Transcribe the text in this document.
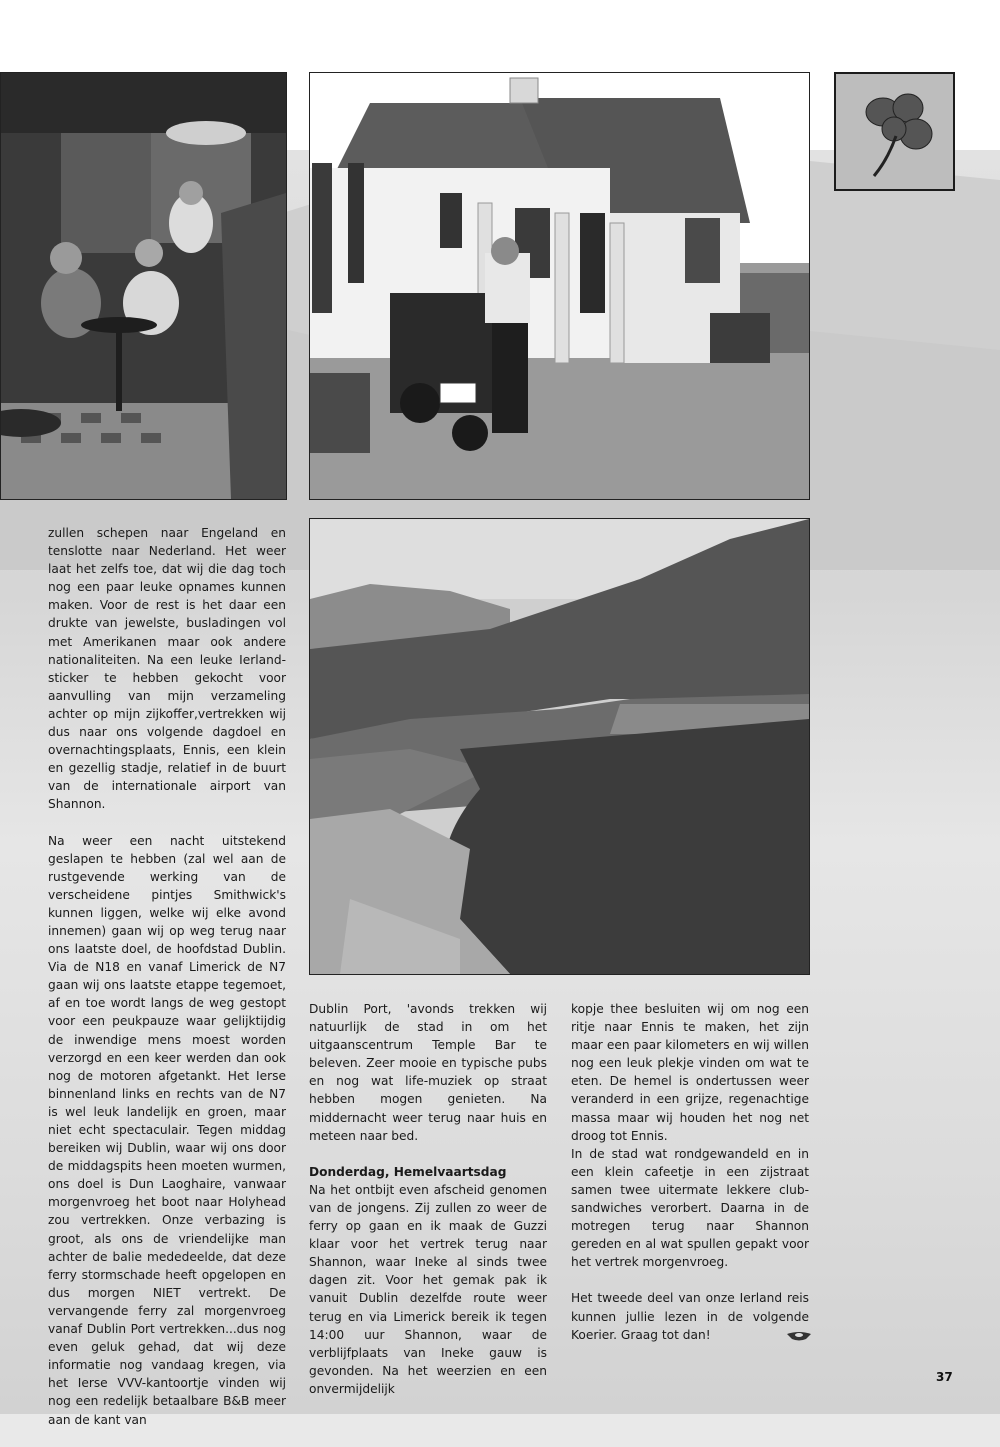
zullen schepen naar Engeland en tenslotte naar Nederland. Het weer laat het zelfs toe, dat wij die dag toch nog een paar leuke opnames kunnen maken. Voor de rest is het daar een drukte van jewelste, busladingen vol met Amerikanen maar ook andere nationaliteiten. Na een leuke Ierland-sticker te hebben gekocht voor aanvulling van mijn verzameling achter op mijn zijkoffer,vertrekken wij dus naar ons volgende dagdoel en overnachtingsplaats, Ennis, een klein en gezellig stadje, relatief in de buurt van de internationale airport van Shannon.

Na weer een nacht uitstekend geslapen te hebben (zal wel aan de rustgevende werking van de verscheidene pintjes Smithwick's kunnen liggen, welke wij elke avond innemen) gaan wij op weg terug naar ons laatste doel, de hoofdstad Dublin. Via de N18 en vanaf Limerick de N7 gaan wij ons laatste etappe tegemoet, af en toe wordt langs de weg gestopt voor een peukpauze waar gelijktijdig de inwendige mens moest worden verzorgd en een keer werden dan ook nog de motoren afgetankt. Het Ierse binnenland links en rechts van de N7 is wel leuk landelijk en groen, maar niet echt spectaculair. Tegen middag bereiken wij Dublin, waar wij ons door de middagspits heen moeten wurmen, ons doel is Dun Laoghaire, vanwaar morgenvroeg het boot naar Holyhead zou vertrekken. Onze verbazing is groot, als ons de vriendelijke man achter de balie mededeelde, dat deze ferry stormschade heeft opgelopen en dus morgen NIET vertrekt. De vervangende ferry zal morgenvroeg vanaf Dublin Port vertrekken...dus nog even geluk gehad, dat wij deze informatie nog vandaag kregen, via het Ierse VVV-kantoortje vinden wij nog een redelijk betaalbare B&B meer aan de kant van

Dublin Port, 'avonds trekken wij natuurlijk de stad in om het uitgaanscentrum Temple Bar te beleven. Zeer mooie en typische pubs en nog wat life-muziek op straat hebben mogen genieten. Na middernacht weer terug naar huis en meteen naar bed.

Donderdag, Hemelvaartsdag

Na het ontbijt even afscheid genomen van de jongens. Zij zullen zo weer de ferry op gaan en ik maak de Guzzi klaar voor het vertrek terug naar Shannon, waar Ineke al sinds twee dagen zit. Voor het gemak pak ik vanuit Dublin dezelfde route weer terug en via Limerick bereik ik tegen 14:00 uur Shannon, waar de verblijfplaats van Ineke gauw is gevonden. Na het weerzien en een onvermijdelijk

kopje thee besluiten wij om nog een ritje naar Ennis te maken, het zijn maar een paar kilometers en wij willen nog een leuk plekje vinden om wat te eten. De hemel is ondertussen weer veranderd in een grijze, regenachtige massa maar wij houden het nog net droog tot Ennis.

In de stad wat rondgewandeld en in een klein cafeetje in een zijstraat samen twee uitermate lekkere club-sandwiches verorbert. Daarna in de motregen terug naar Shannon gereden en al wat spullen gepakt voor het vertrek morgenvroeg.

Het tweede deel van onze Ierland reis kunnen jullie lezen in de volgende Koerier. Graag tot dan!

37
